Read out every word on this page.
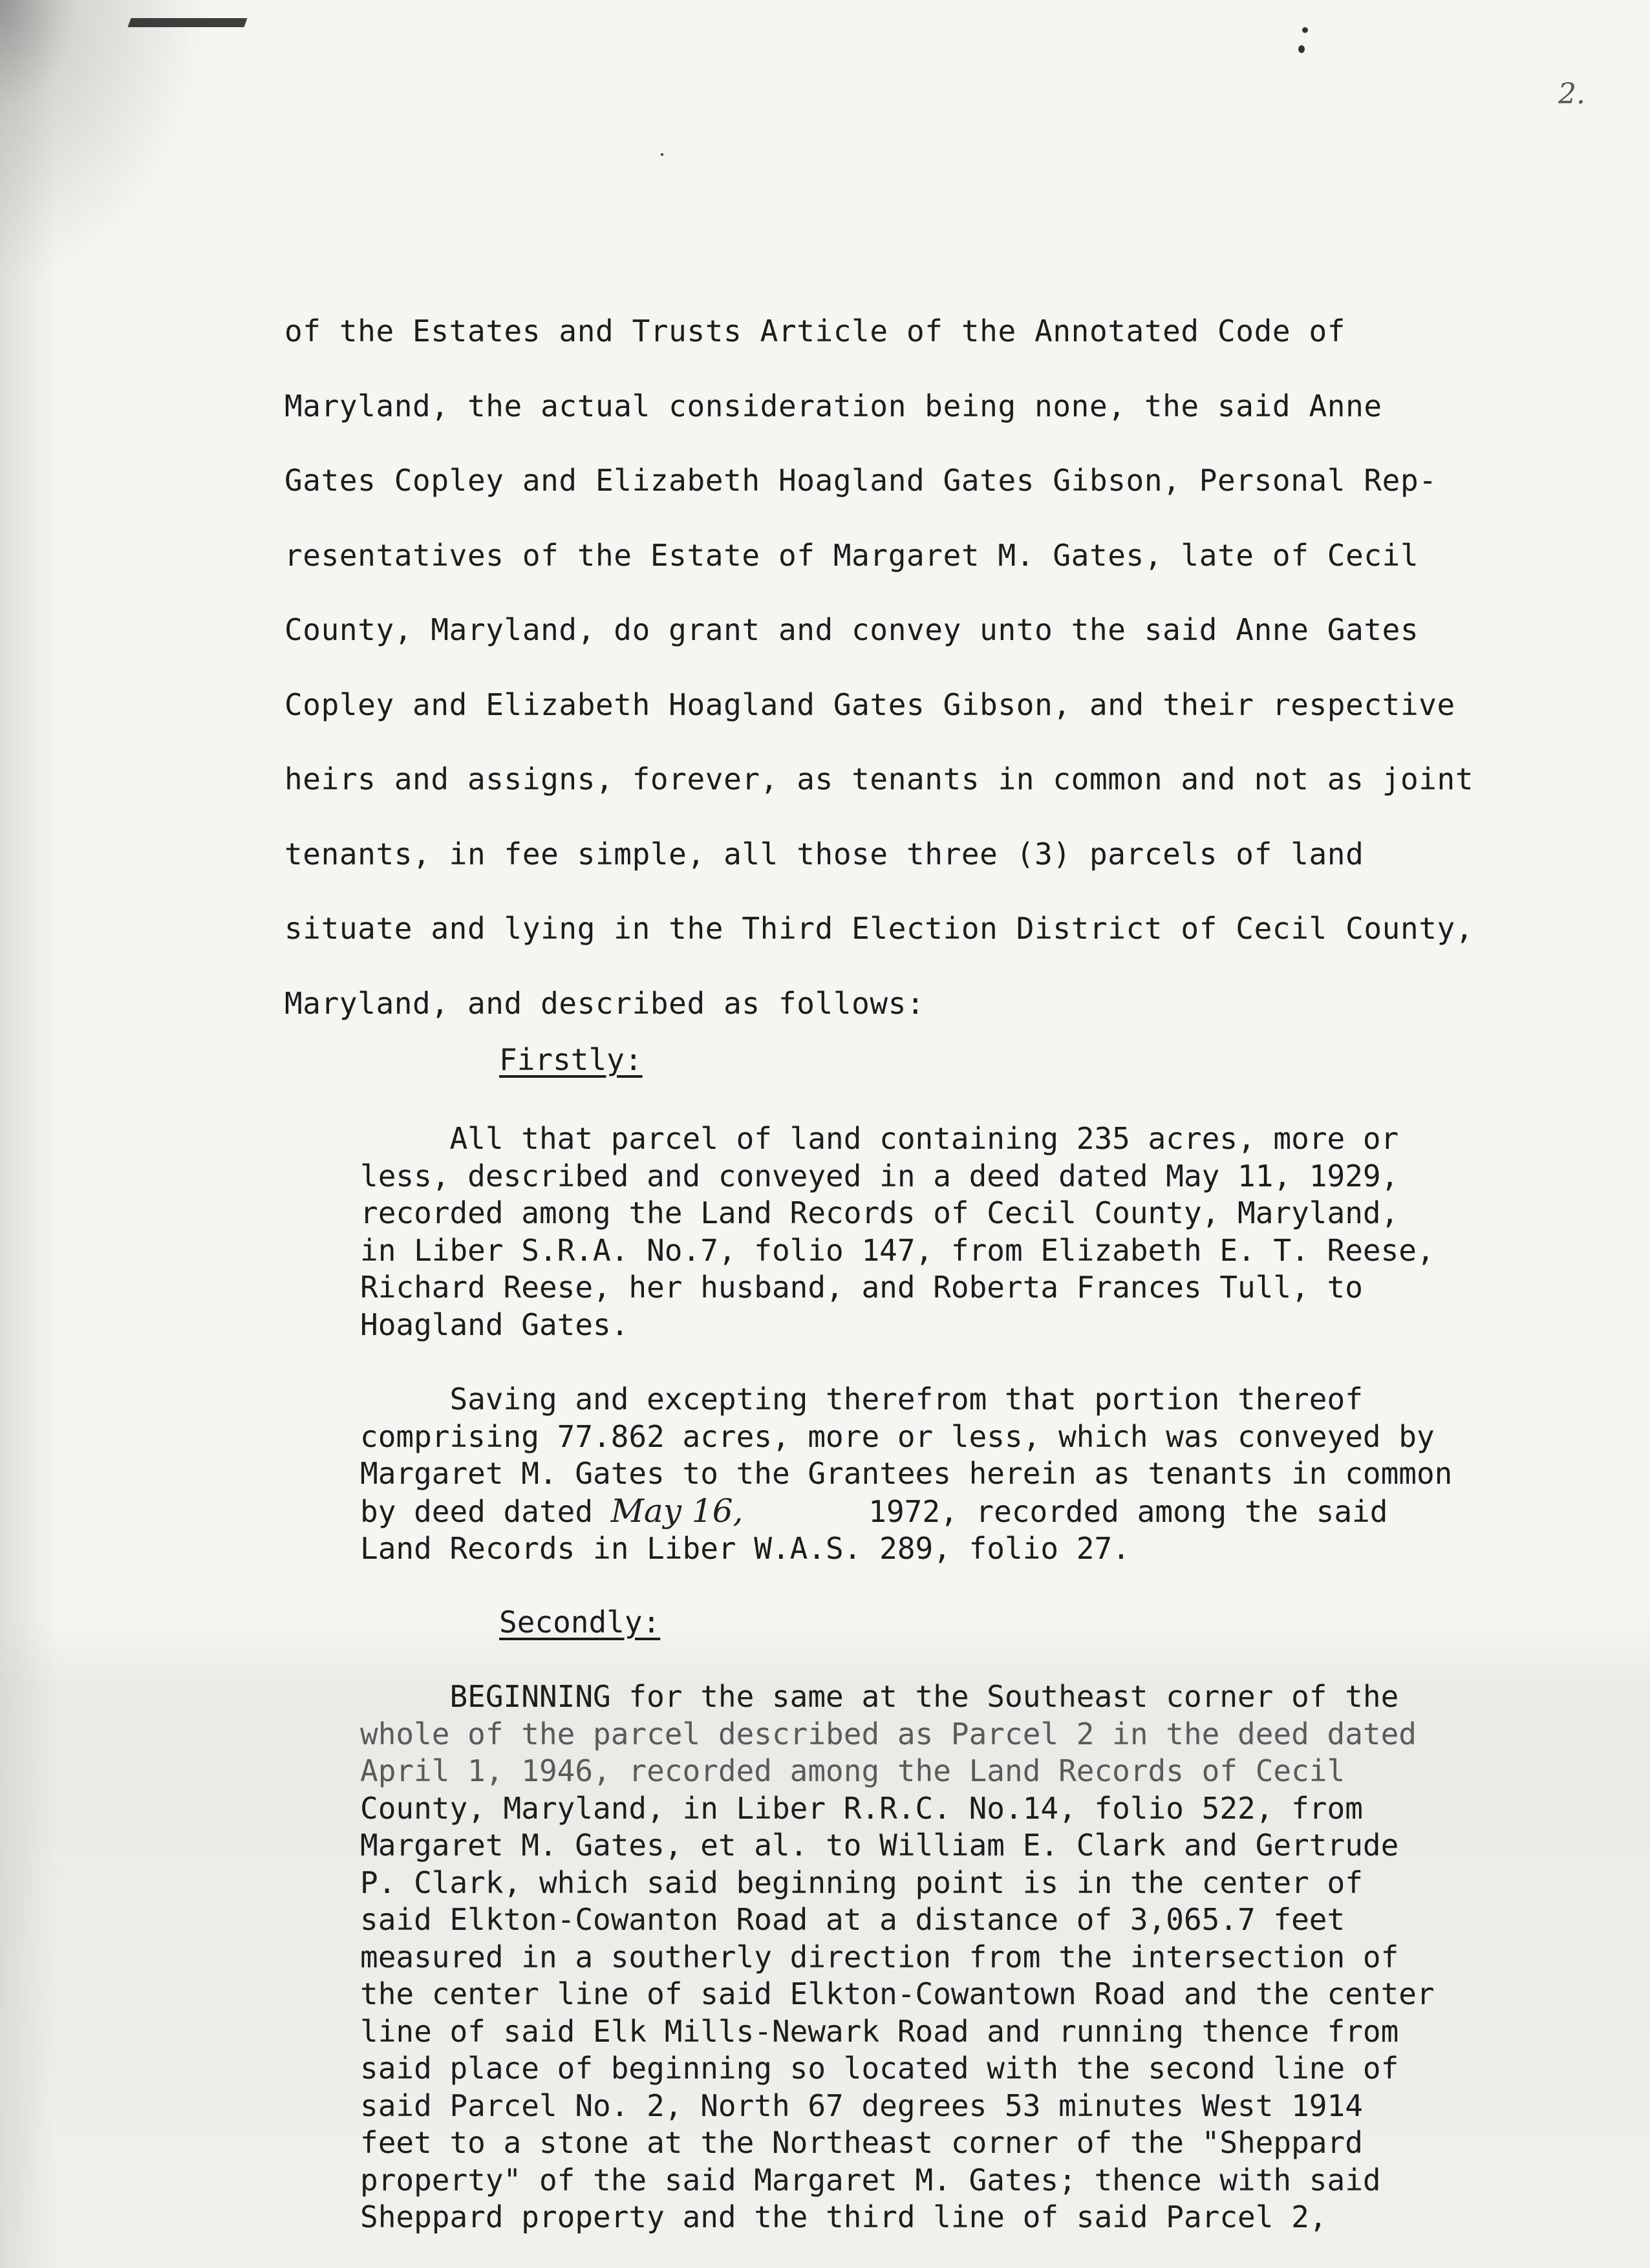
2.
of the Estates and Trusts Article of the Annotated Code of
Maryland, the actual consideration being none, the said Anne
Gates Copley and Elizabeth Hoagland Gates Gibson, Personal Rep-
resentatives of the Estate of Margaret M. Gates, late of Cecil
County, Maryland, do grant and convey unto the said Anne Gates
Copley and Elizabeth Hoagland Gates Gibson, and their respective
heirs and assigns, forever, as tenants in common and not as joint
tenants, in fee simple, all those three (3) parcels of land
situate and lying in the Third Election District of Cecil County,
Maryland, and described as follows:
Firstly:
All that parcel of land containing 235 acres, more or
less, described and conveyed in a deed dated May 11, 1929,
recorded among the Land Records of Cecil County, Maryland,
in Liber S.R.A. No.7, folio 147, from Elizabeth E. T. Reese,
Richard Reese, her husband, and Roberta Frances Tull, to
Hoagland Gates.
Saving and excepting therefrom that portion thereof
comprising 77.862 acres, more or less, which was conveyed by
Margaret M. Gates to the Grantees herein as tenants in common
by deed dated May 16,       1972, recorded among the said
Land Records in Liber W.A.S. 289, folio 27.
Secondly:
BEGINNING for the same at the Southeast corner of the
whole of the parcel described as Parcel 2 in the deed dated
April 1, 1946, recorded among the Land Records of Cecil
County, Maryland, in Liber R.R.C. No.14, folio 522, from
Margaret M. Gates, et al. to William E. Clark and Gertrude
P. Clark, which said beginning point is in the center of
said Elkton-Cowanton Road at a distance of 3,065.7 feet
measured in a southerly direction from the intersection of
the center line of said Elkton-Cowantown Road and the center
line of said Elk Mills-Newark Road and running thence from
said place of beginning so located with the second line of
said Parcel No. 2, North 67 degrees 53 minutes West 1914
feet to a stone at the Northeast corner of the "Sheppard
property" of the said Margaret M. Gates; thence with said
Sheppard property and the third line of said Parcel 2,
